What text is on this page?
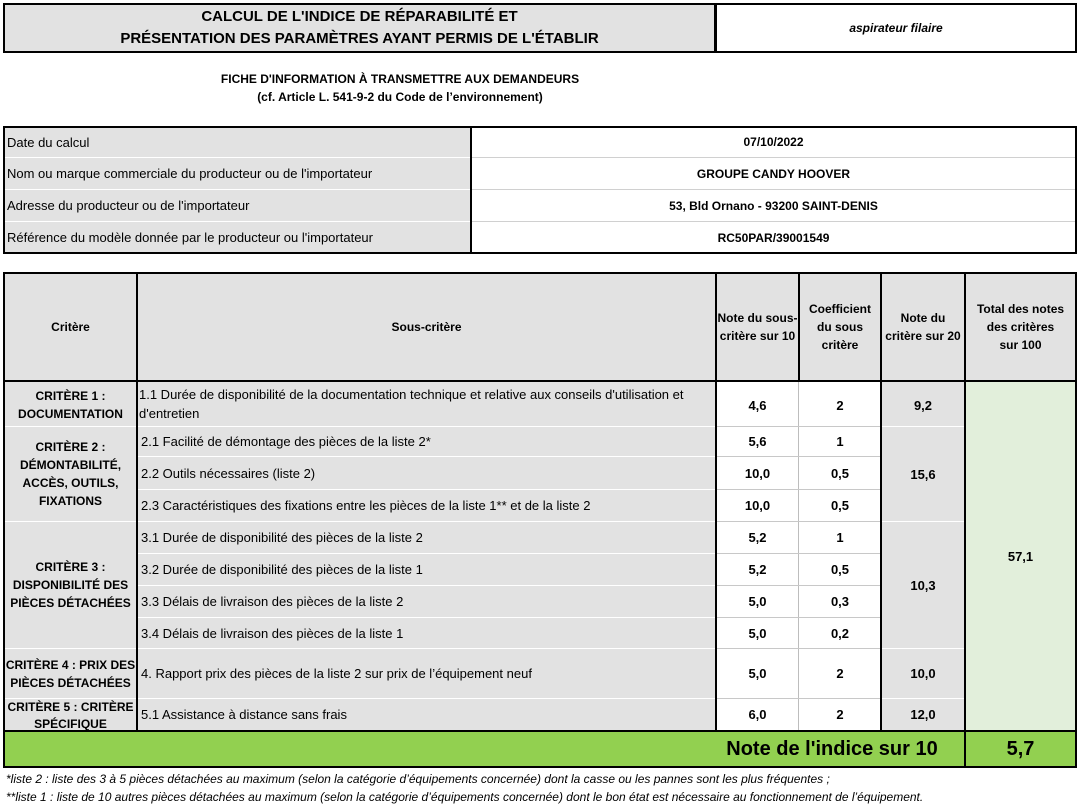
CALCUL DE L'INDICE DE RÉPARABILITÉ ET
PRÉSENTATION DES PARAMÈTRES AYANT PERMIS DE L'ÉTABLIR
aspirateur filaire
FICHE D'INFORMATION À TRANSMETTRE AUX DEMANDEURS
(cf. Article L. 541-9-2 du Code de l’environnement)
Date du calcul
Nom ou marque commerciale du producteur ou de l'importateur
Adresse du producteur ou de l'importateur
Référence du modèle donnée par le producteur ou l'importateur
07/10/2022
GROUPE CANDY HOOVER
53, Bld Ornano - 93200 SAINT-DENIS
RC50PAR/39001549
Critère	Sous-critère
Note du sous-
critère sur 10
Coefficient
du sous
critère
Note du
critère sur 20
Total des notes
des critères
sur 100
CRITÈRE 1 :
DOCUMENTATION
CRITÈRE 2 :
DÉMONTABILITÉ,
ACCÈS, OUTILS,
FIXATIONS
CRITÈRE 3 :
DISPONIBILITÉ DES
PIÈCES DÉTACHÉES
CRITÈRE 4 : PRIX DES
PIÈCES DÉTACHÉES
CRITÈRE 5 : CRITÈRE
SPÉCIFIQUE
1.1 Durée de disponibilité de la documentation technique et relative aux conseils d'utilisation et
d'entretien
2.1 Facilité de démontage des pièces de la liste 2*
2.2 Outils nécessaires (liste 2)
2.3 Caractéristiques des fixations entre les pièces de la liste 1** et de la liste 2
3.1 Durée de disponibilité des pièces de la liste 2
3.2 Durée de disponibilité des pièces de la liste 1
3.3 Délais de livraison des pièces de la liste 2
3.4 Délais de livraison des pièces de la liste 1
4. Rapport prix des pièces de la liste 2 sur prix de l’équipement neuf
5.1 Assistance à distance sans frais
4,6
5,6
10,0
10,0
5,2
5,2
5,0
5,0
5,0
6,0
2
1
0,5
0,5
1
0,5
0,3
0,2
2
2
9,2
15,6
10,3
10,0
12,0
57,1
Note de l'indice sur 10	5,7
*liste 2 : liste des 3 à 5 pièces détachées au maximum (selon la catégorie d’équipements concernée) dont la casse ou les pannes sont les plus fréquentes ;
**liste 1 : liste de 10 autres pièces détachées au maximum (selon la catégorie d’équipements concernée) dont le bon état est nécessaire au fonctionnement de l’équipement.
